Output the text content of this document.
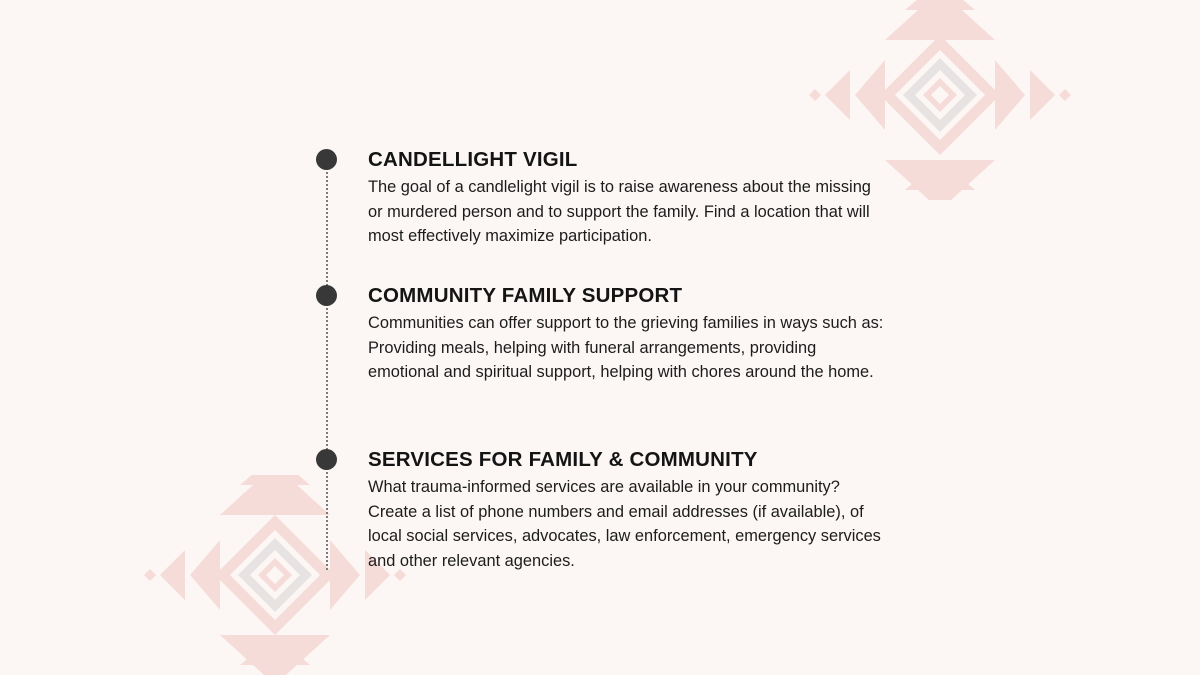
CANDELLIGHT VIGIL

The goal of a candlelight vigil is to raise awareness about the missing or murdered person and to support the family. Find a location that will most effectively maximize participation.

COMMUNITY FAMILY SUPPORT

Communities can offer support to the grieving families in ways such as: Providing meals, helping with funeral arrangements, providing emotional and spiritual support, helping with chores around the home.

SERVICES FOR FAMILY & COMMUNITY

What trauma-informed services are available in your community? Create a list of phone numbers and email addresses (if available), of local social services, advocates, law enforcement, emergency services and other relevant agencies.
